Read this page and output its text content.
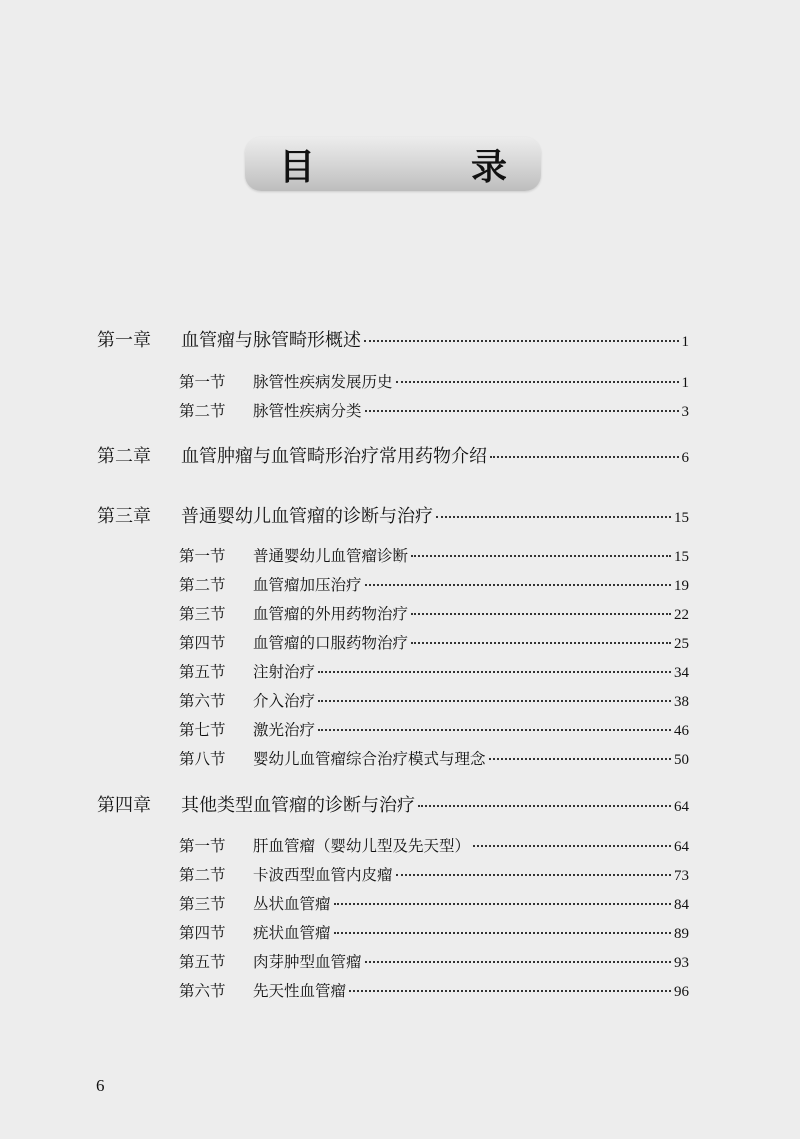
目　录
第一章	血管瘤与脉管畸形概述	1
第一节	脉管性疾病发展历史	1
第二节	脉管性疾病分类	3
第二章	血管肿瘤与血管畸形治疗常用药物介绍	6
第三章	普通婴幼儿血管瘤的诊断与治疗	15
第一节	普通婴幼儿血管瘤诊断	15
第二节	血管瘤加压治疗	19
第三节	血管瘤的外用药物治疗	22
第四节	血管瘤的口服药物治疗	25
第五节	注射治疗	34
第六节	介入治疗	38
第七节	激光治疗	46
第八节	婴幼儿血管瘤综合治疗模式与理念	50
第四章	其他类型血管瘤的诊断与治疗	64
第一节	肝血管瘤（婴幼儿型及先天型）	64
第二节	卡波西型血管内皮瘤	73
第三节	丛状血管瘤	84
第四节	疣状血管瘤	89
第五节	肉芽肿型血管瘤	93
第六节	先天性血管瘤	96
6
